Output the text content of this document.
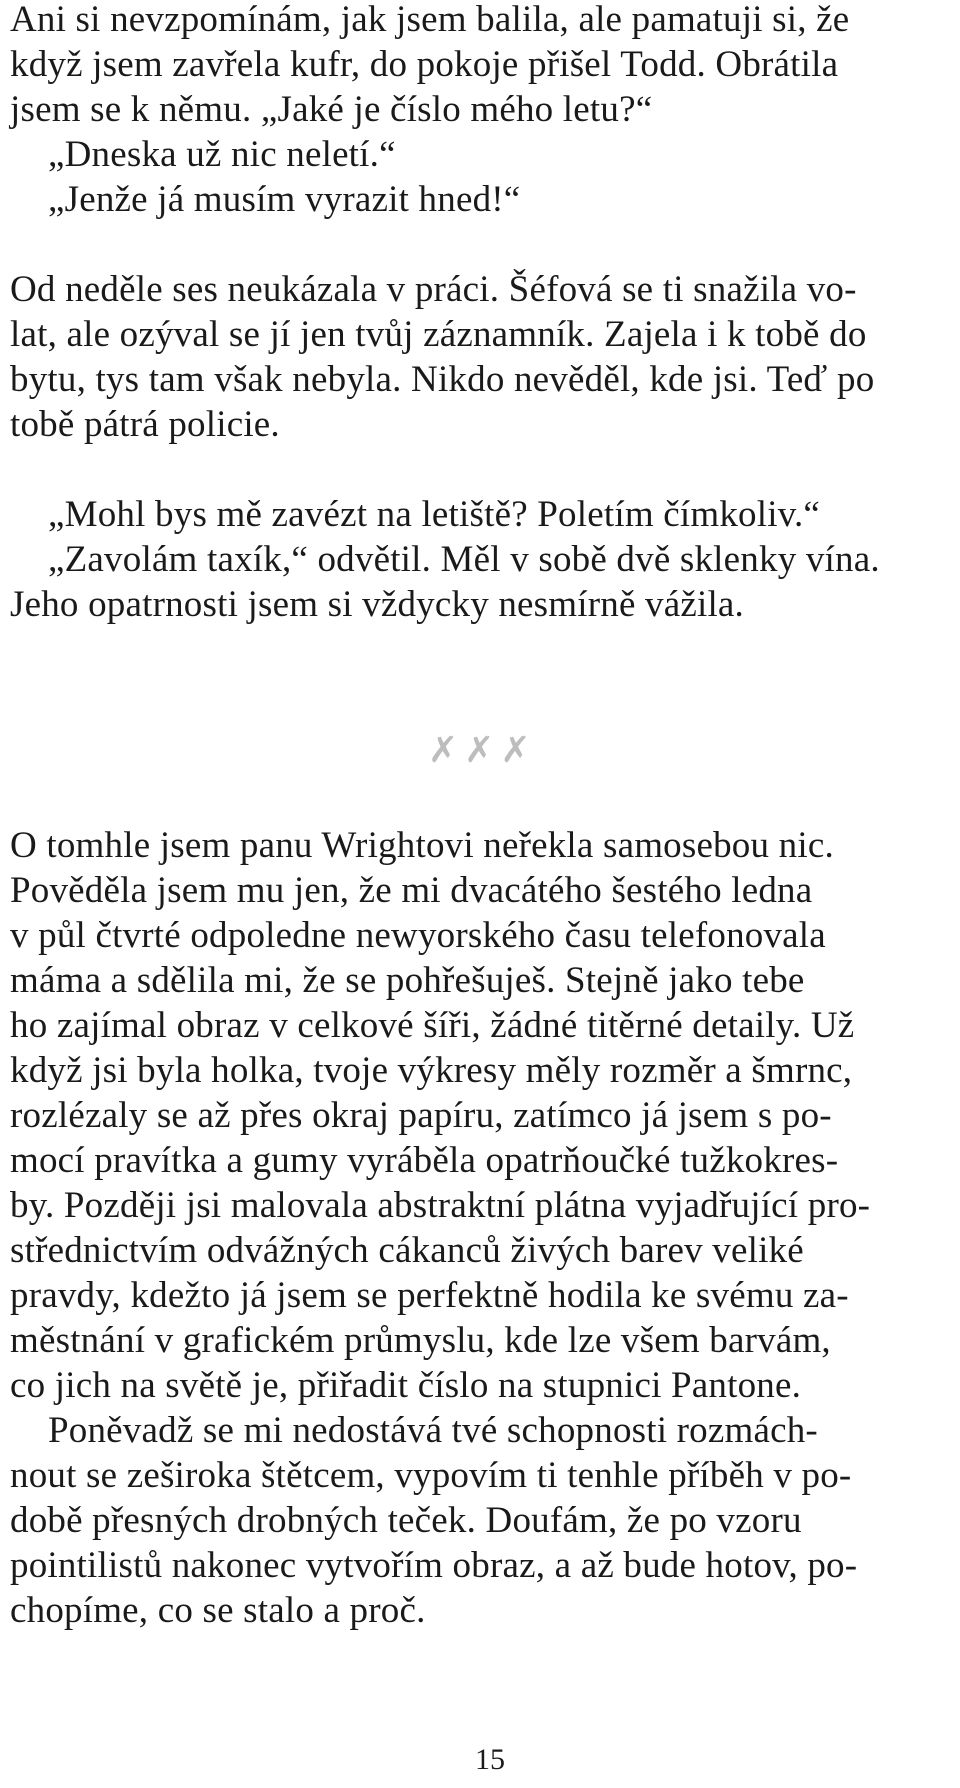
Ani si nevzpomínám, jak jsem balila, ale pamatuji si, že
když jsem zavřela kufr, do pokoje přišel Todd. Obrátila
jsem se k němu. „Jaké je číslo mého letu?“
„Dneska už nic neletí.“
„Jenže já musím vyrazit hned!“
Od neděle ses neukázala v práci. Šéfová se ti snažila vo-
lat, ale ozýval se jí jen tvůj záznamník. Zajela i k tobě do
bytu, tys tam však nebyla. Nikdo nevěděl, kde jsi. Teď po
tobě pátrá policie.
„Mohl bys mě zavézt na letiště? Poletím čímkoliv.“
„Zavolám taxík,“ odvětil. Měl v sobě dvě sklenky vína.
Jeho opatrnosti jsem si vždycky nesmírně vážila.
✗✗✗
O tomhle jsem panu Wrightovi neřekla samosebou nic.
Pověděla jsem mu jen, že mi dvacátého šestého ledna
v půl čtvrté odpoledne newyorského času telefonovala
máma a sdělila mi, že se pohřešuješ. Stejně jako tebe
ho zajímal obraz v celkové šíři, žádné titěrné detaily. Už
když jsi byla holka, tvoje výkresy měly rozměr a šmrnc,
rozlézaly se až přes okraj papíru, zatímco já jsem s po-
mocí pravítka a gumy vyráběla opatrňoučké tužkokres-
by. Později jsi malovala abstraktní plátna vyjadřující pro-
střednictvím odvážných cákanců živých barev veliké
pravdy, kdežto já jsem se perfektně hodila ke svému za-
městnání v grafickém průmyslu, kde lze všem barvám,
co jich na světě je, přiřadit číslo na stupnici Pantone.
Poněvadž se mi nedostává tvé schopnosti rozmách-
nout se zeširoka štětcem, vypovím ti tenhle příběh v po-
době přesných drobných teček. Doufám, že po vzoru
pointilistů nakonec vytvořím obraz, a až bude hotov, po-
chopíme, co se stalo a proč.
15
